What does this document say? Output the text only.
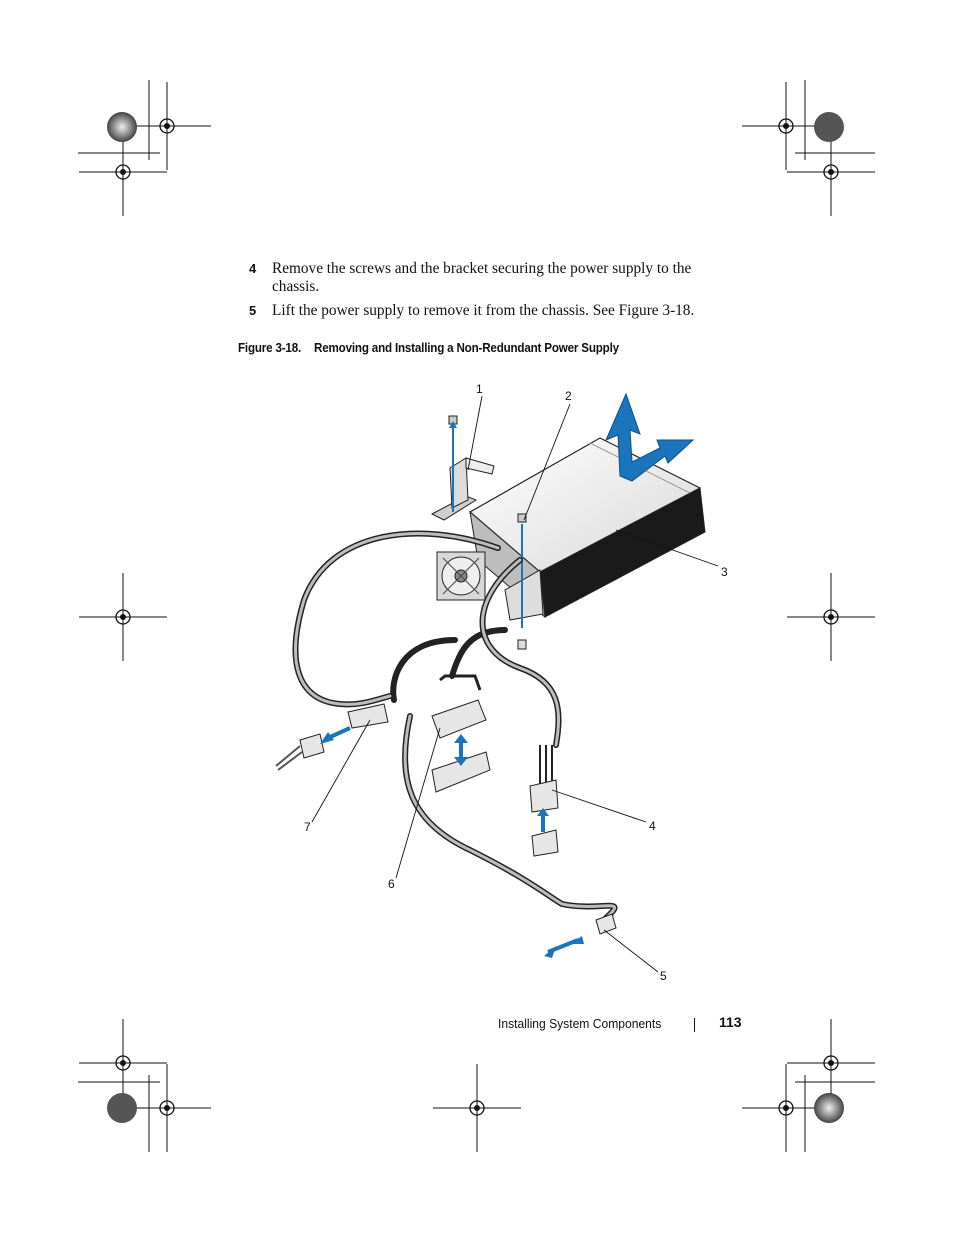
4 Remove the screws and the bracket securing the power supply to the chassis.
5 Lift the power supply to remove it from the chassis. See Figure 3-18.
Figure 3-18. Removing and Installing a Non-Redundant Power Supply
1	2
3
4
5
6
7
Installing System Components	113
